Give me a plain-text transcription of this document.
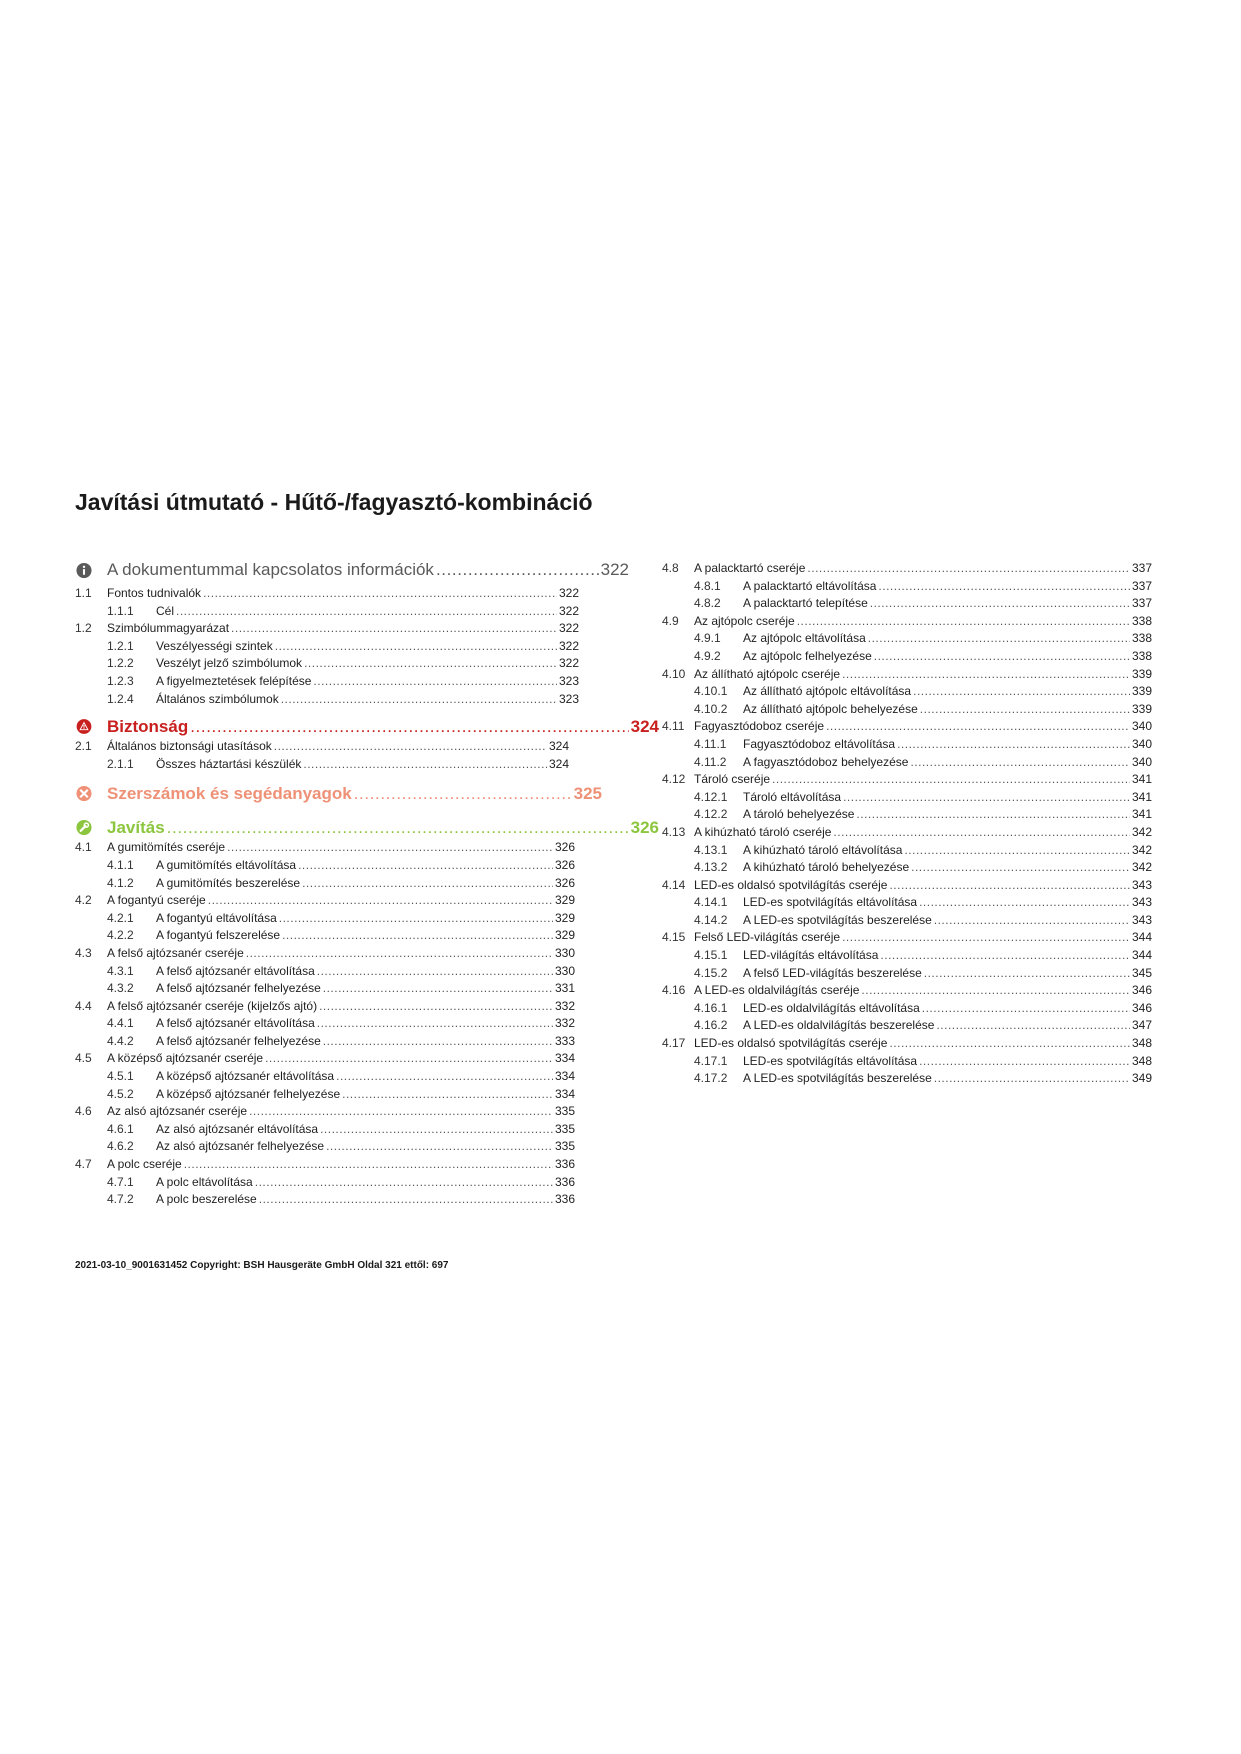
Javítási útmutató - Hűtő-/fagyasztó-kombináció
A dokumentummal kapcsolatos információk .....	322
1.1 Fontos tudnivalók .....	322
1.1.1 Cél .....	322
1.2 Szimbólummagyarázat .....	322
1.2.1 Veszélyességi szintek .....	322
1.2.2 Veszélyt jelző szimbólumok .....	322
1.2.3 A figyelmeztetések felépítése .....	323
1.2.4 Általános szimbólumok .....	323
Biztonság .....	324
2.1 Általános biztonsági utasítások .....	324
2.1.1 Összes háztartási készülék .....	324
Szerszámok és segédanyagok .....	325
Javítás .....	326
4.1 A gumitömítés cseréje .....	326
4.1.1 A gumitömítés eltávolítása .....	326
4.1.2 A gumitömítés beszerelése .....	326
4.2 A fogantyú cseréje .....	329
4.2.1 A fogantyú eltávolítása .....	329
4.2.2 A fogantyú felszerelése .....	329
4.3 A felső ajtózsanér cseréje .....	330
4.3.1 A felső ajtózsanér eltávolítása .....	330
4.3.2 A felső ajtózsanér felhelyezése .....	331
4.4 A felső ajtózsanér cseréje (kijelzős ajtó) .....	332
4.4.1 A felső ajtózsanér eltávolítása .....	332
4.4.2 A felső ajtózsanér felhelyezése .....	333
4.5 A középső ajtózsanér cseréje .....	334
4.5.1 A középső ajtózsanér eltávolítása .....	334
4.5.2 A középső ajtózsanér felhelyezése .....	334
4.6 Az alsó ajtózsanér cseréje .....	335
4.6.1 Az alsó ajtózsanér eltávolítása .....	335
4.6.2 Az alsó ajtózsanér felhelyezése .....	335
4.7 A polc cseréje .....	336
4.7.1 A polc eltávolítása .....	336
4.7.2 A polc beszerelése .....	336
4.8 A palacktartó cseréje .....	337
4.8.1 A palacktartó eltávolítása .....	337
4.8.2 A palacktartó telepítése .....	337
4.9 Az ajtópolc cseréje .....	338
4.9.1 Az ajtópolc eltávolítása .....	338
4.9.2 Az ajtópolc felhelyezése .....	338
4.10 Az állítható ajtópolc cseréje .....	339
4.10.1 Az állítható ajtópolc eltávolítása .....	339
4.10.2 Az állítható ajtópolc behelyezése .....	339
4.11 Fagyasztódoboz cseréje .....	340
4.11.1 Fagyasztódoboz eltávolítása .....	340
4.11.2 A fagyasztódoboz behelyezése .....	340
4.12 Tároló cseréje .....	341
4.12.1 Tároló eltávolítása .....	341
4.12.2 A tároló behelyezése .....	341
4.13 A kihúzható tároló cseréje .....	342
4.13.1 A kihúzható tároló eltávolítása .....	342
4.13.2 A kihúzható tároló behelyezése .....	342
4.14 LED-es oldalsó spotvilágítás cseréje .....	343
4.14.1 LED-es spotvilágítás eltávolítása .....	343
4.14.2 A LED-es spotvilágítás beszerelése .....	343
4.15 Felső LED-világítás cseréje .....	344
4.15.1 LED-világítás eltávolítása .....	344
4.15.2 A felső LED-világítás beszerelése .....	345
4.16 A LED-es oldalvilágítás cseréje .....	346
4.16.1 LED-es oldalvilágítás eltávolítása .....	346
4.16.2 A LED-es oldalvilágítás beszerelése .....	347
4.17 LED-es oldalsó spotvilágítás cseréje .....	348
4.17.1 LED-es spotvilágítás eltávolítása .....	348
4.17.2 A LED-es spotvilágítás beszerelése .....	349
2021-03-10_9001631452 Copyright: BSH Hausgeräte GmbH Oldal 321 ettől: 697
